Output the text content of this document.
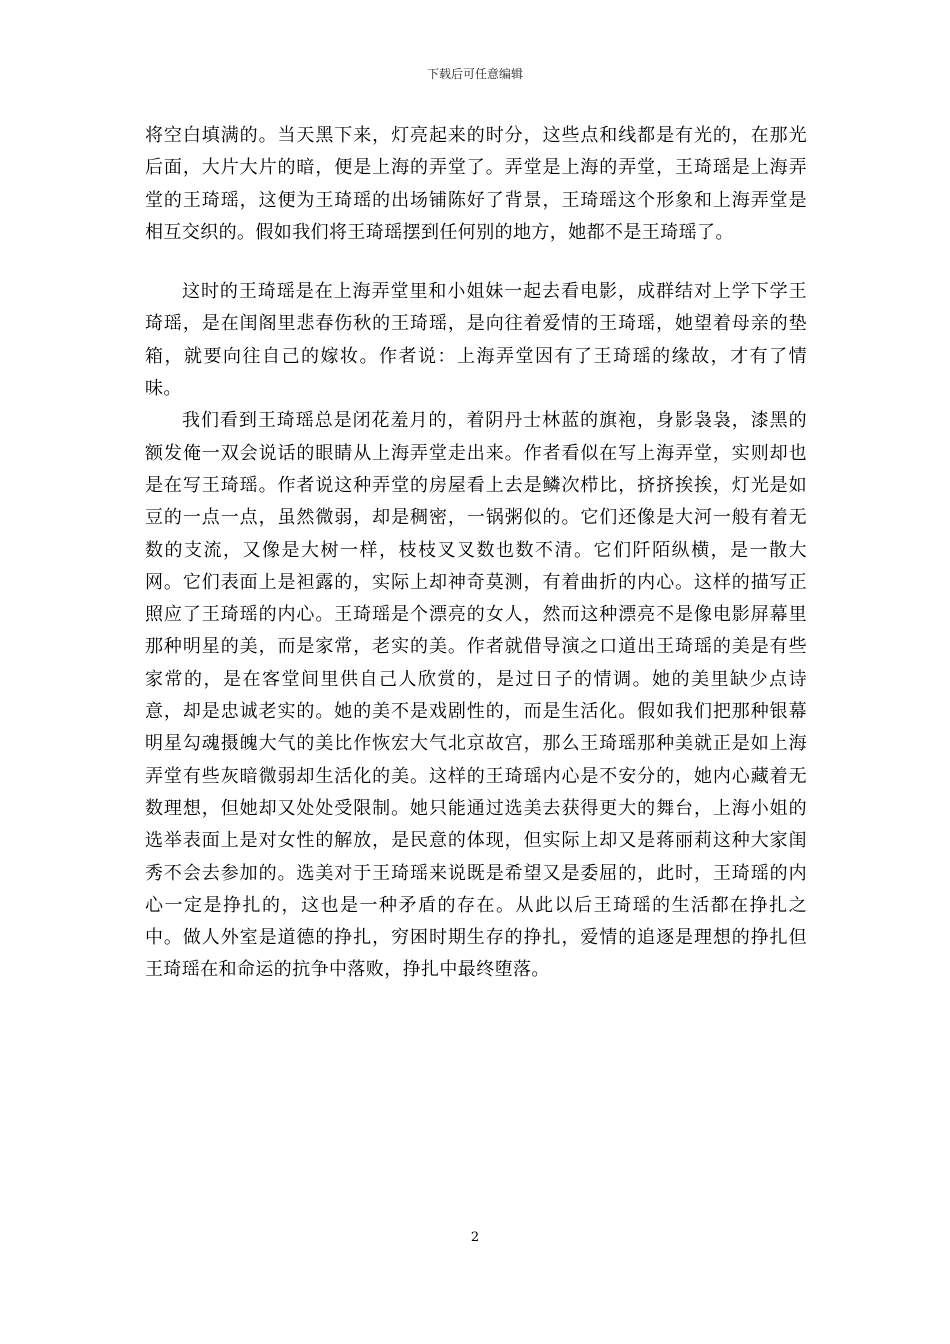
下载后可任意编辑

将空白填满的。当天黑下来，灯亮起来的时分，这些点和线都是有光的，在那光后面，大片大片的暗，便是上海的弄堂了。弄堂是上海的弄堂，王琦瑶是上海弄堂的王琦瑶，这便为王琦瑶的出场铺陈好了背景，王琦瑶这个形象和上海弄堂是相互交织的。假如我们将王琦瑶摆到任何别的地方，她都不是王琦瑶了。

这时的王琦瑶是在上海弄堂里和小姐妹一起去看电影，成群结对上学下学王琦瑶，是在闺阁里悲春伤秋的王琦瑶，是向往着爱情的王琦瑶，她望着母亲的垫箱，就要向往自己的嫁妆。作者说：上海弄堂因有了王琦瑶的缘故，才有了情味。

我们看到王琦瑶总是闭花羞月的，着阴丹士林蓝的旗袍，身影袅袅，漆黑的额发俺一双会说话的眼睛从上海弄堂走出来。作者看似在写上海弄堂，实则却也是在写王琦瑶。作者说这种弄堂的房屋看上去是鳞次栉比，挤挤挨挨，灯光是如豆的一点一点，虽然微弱，却是稠密，一锅粥似的。它们还像是大河一般有着无数的支流，又像是大树一样，枝枝叉叉数也数不清。它们阡陌纵横，是一散大网。它们表面上是袒露的，实际上却神奇莫测，有着曲折的内心。这样的描写正照应了王琦瑶的内心。王琦瑶是个漂亮的女人，然而这种漂亮不是像电影屏幕里那种明星的美，而是家常，老实的美。作者就借导演之口道出王琦瑶的美是有些家常的，是在客堂间里供自己人欣赏的，是过日子的情调。她的美里缺少点诗意，却是忠诚老实的。她的美不是戏剧性的，而是生活化。假如我们把那种银幕明星勾魂摄魄大气的美比作恢宏大气北京故宫，那么王琦瑶那种美就正是如上海弄堂有些灰暗微弱却生活化的美。这样的王琦瑶内心是不安分的，她内心藏着无数理想，但她却又处处受限制。她只能通过选美去获得更大的舞台，上海小姐的选举表面上是对女性的解放，是民意的体现，但实际上却又是蒋丽莉这种大家闺秀不会去参加的。选美对于王琦瑶来说既是希望又是委屈的，此时，王琦瑶的内心一定是挣扎的，这也是一种矛盾的存在。从此以后王琦瑶的生活都在挣扎之中。做人外室是道德的挣扎，穷困时期生存的挣扎，爱情的追逐是理想的挣扎但王琦瑶在和命运的抗争中落败，挣扎中最终堕落。

2
